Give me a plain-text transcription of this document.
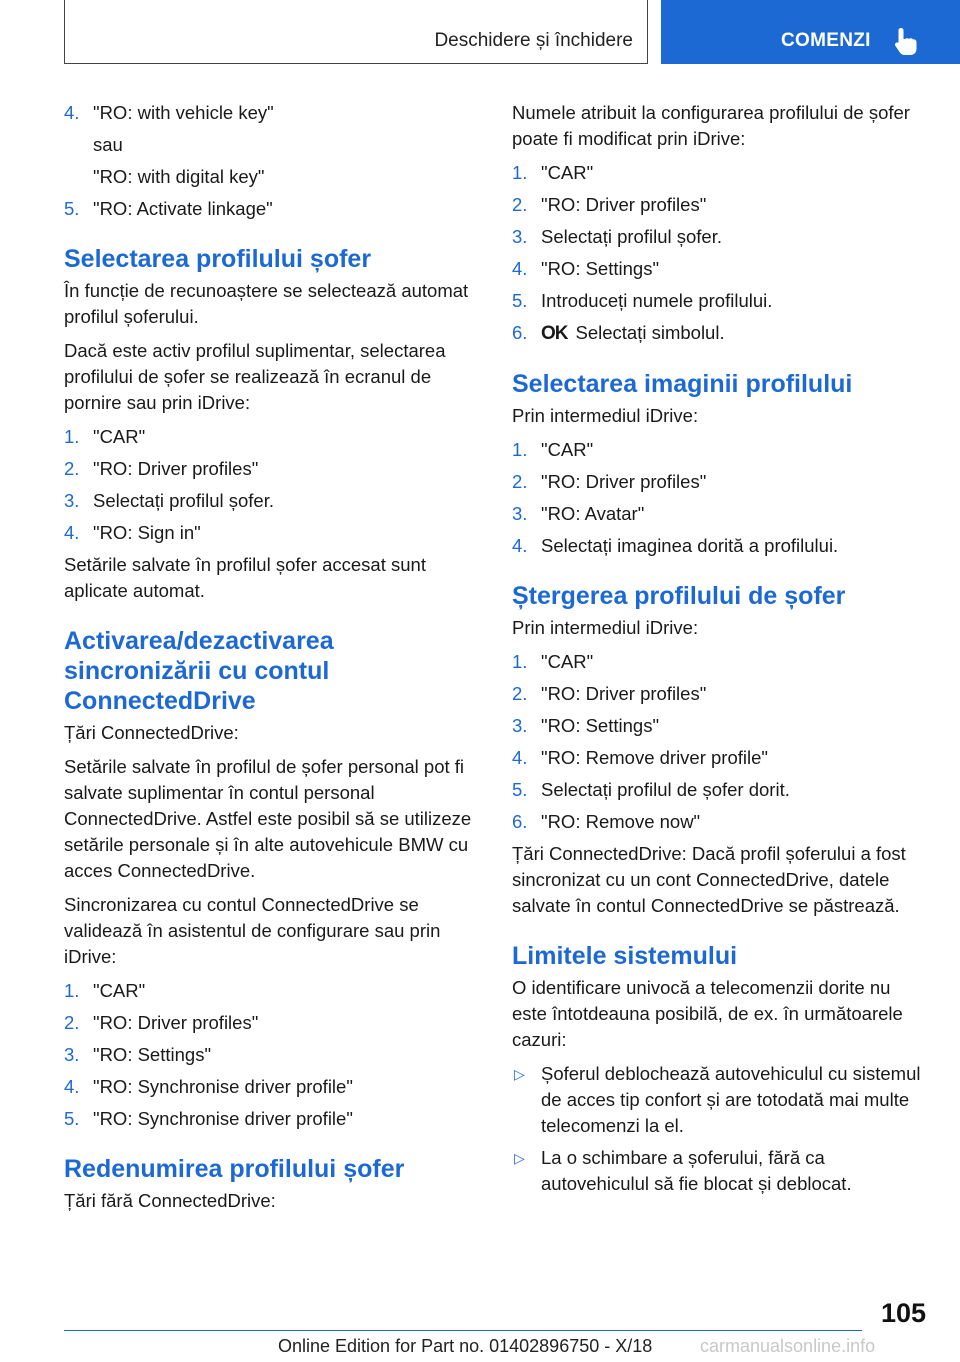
Deschidere și închidere	COMENZI
4. "RO: with vehicle key"
sau
"RO: with digital key"
5. "RO: Activate linkage"
Selectarea profilului șofer

În funcție de recunoaștere se selectează automat profilul șoferului.

Dacă este activ profilul suplimentar, selectarea profilului de șofer se realizează în ecranul de pornire sau prin iDrive:

1. "CAR"
2. "RO: Driver profiles"
3. Selectați profilul șofer.
4. "RO: Sign in"

Setările salvate în profilul șofer accesat sunt aplicate automat.

Activarea/dezactivarea sincronizării cu contul ConnectedDrive

Țări ConnectedDrive:

Setările salvate în profilul de șofer personal pot fi salvate suplimentar în contul personal ConnectedDrive. Astfel este posibil să se utilizeze setările personale și în alte autovehicule BMW cu acces ConnectedDrive.

Sincronizarea cu contul ConnectedDrive se validează în asistentul de configurare sau prin iDrive:

1. "CAR"
2. "RO: Driver profiles"
3. "RO: Settings"
4. "RO: Synchronise driver profile"
5. "RO: Synchronise driver profile"
Redenumirea profilului șofer

Țări fără ConnectedDrive:

Numele atribuit la configurarea profilului de șofer poate fi modificat prin iDrive:

1. "CAR"
2. "RO: Driver profiles"
3. Selectați profilul șofer.
4. "RO: Settings"
5. Introduceți numele profilului.
6. OK Selectați simbolul.
Selectarea imaginii profilului

Prin intermediul iDrive:

1. "CAR"
2. "RO: Driver profiles"
3. "RO: Avatar"
4. Selectați imaginea dorită a profilului.
Ștergerea profilului de șofer

Prin intermediul iDrive:

1. "CAR"
2. "RO: Driver profiles"
3. "RO: Settings"
4. "RO: Remove driver profile"
5. Selectați profilul de șofer dorit.
6. "RO: Remove now"

Țări ConnectedDrive: Dacă profil șoferului a fost sincronizat cu un cont ConnectedDrive, datele salvate în contul ConnectedDrive se păstrează.

Limitele sistemului

O identificare univocă a telecomenzii dorite nu este întotdeauna posibilă, de ex. în următoarele cazuri:

▷ Șoferul deblochează autovehiculul cu sistemul de acces tip confort și are totodată mai multe telecomenzi la el.
▷ La o schimbare a șoferului, fără ca autovehiculul să fie blocat și deblocat.
105
Online Edition for Part no. 01402896750 - X/18	carmanualsonline.info
